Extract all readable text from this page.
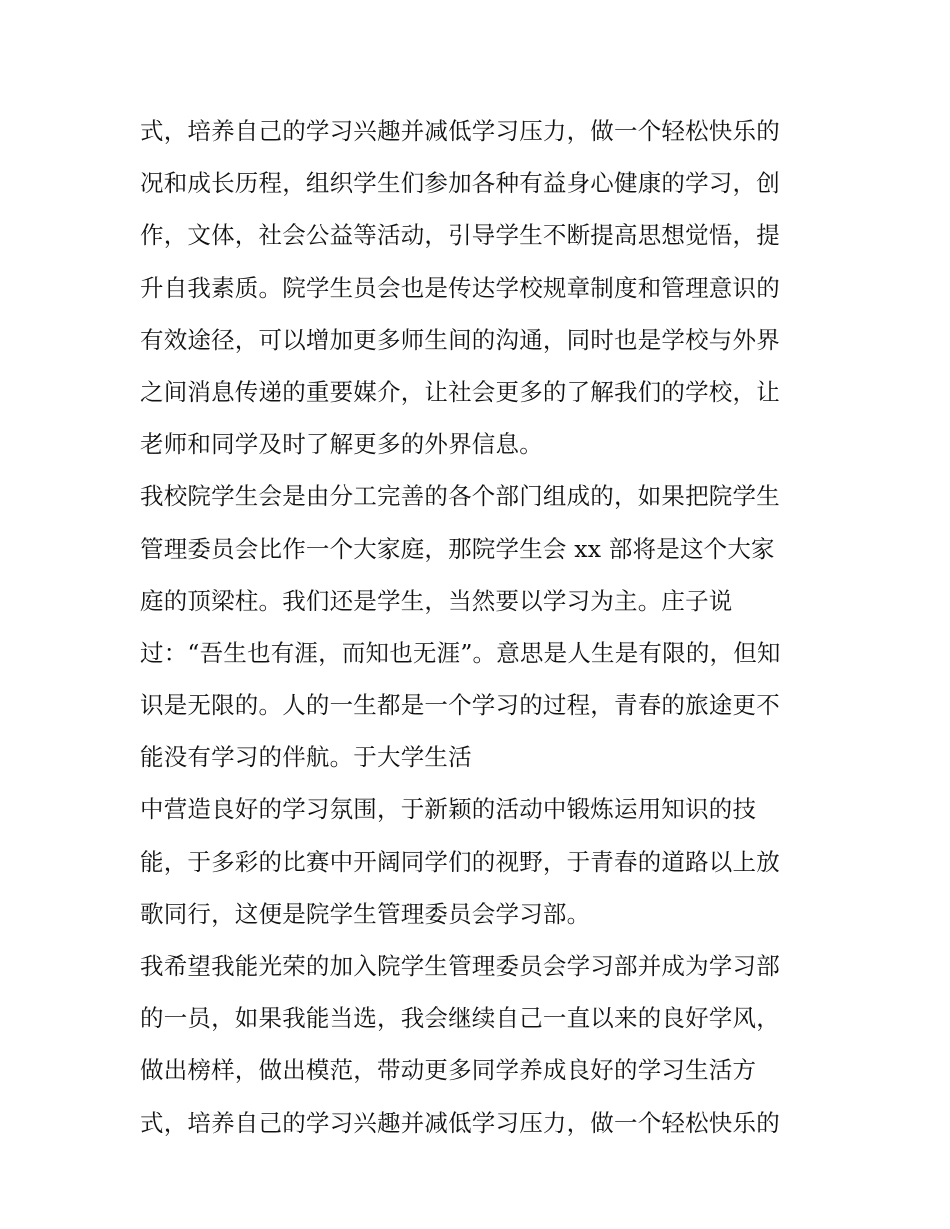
式，培养自己的学习兴趣并减低学习压力，做一个轻松快乐的
况和成长历程，组织学生们参加各种有益身心健康的学习，创
作，文体，社会公益等活动，引导学生不断提高思想觉悟，提
升自我素质。院学生员会也是传达学校规章制度和管理意识的
有效途径，可以增加更多师生间的沟通，同时也是学校与外界
之间消息传递的重要媒介，让社会更多的了解我们的学校，让
老师和同学及时了解更多的外界信息。
我校院学生会是由分工完善的各个部门组成的，如果把院学生
管理委员会比作一个大家庭，那院学生会 xx 部将是这个大家
庭的顶梁柱。我们还是学生，当然要以学习为主。庄子说
过：“吾生也有涯，而知也无涯”。意思是人生是有限的，但知
识是无限的。人的一生都是一个学习的过程，青春的旅途更不
能没有学习的伴航。于大学生活
中营造良好的学习氛围，于新颖的活动中锻炼运用知识的技
能，于多彩的比赛中开阔同学们的视野，于青春的道路以上放
歌同行，这便是院学生管理委员会学习部。
我希望我能光荣的加入院学生管理委员会学习部并成为学习部
的一员，如果我能当选，我会继续自己一直以来的良好学风，
做出榜样，做出模范，带动更多同学养成良好的学习生活方
式，培养自己的学习兴趣并减低学习压力，做一个轻松快乐的
